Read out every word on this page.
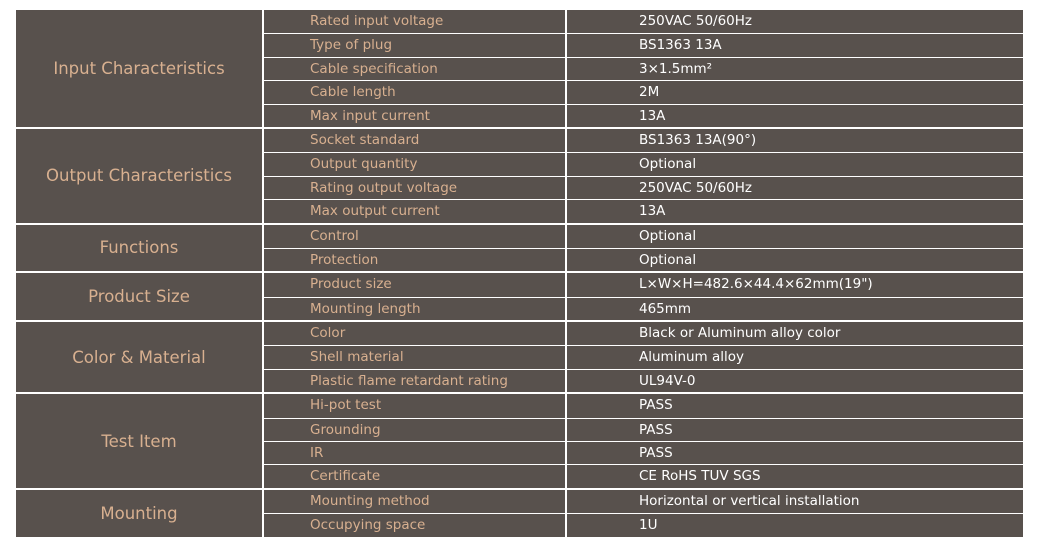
Input Characteristics
Rated input voltage	250VAC 50/60Hz
Type of plug	BS1363 13A
Cable specification	3×1.5mm²
Cable length	2M
Max input current	13A
Output Characteristics
Socket standard	BS1363 13A(90°)
Output quantity	Optional
Rating output voltage	250VAC 50/60Hz
Max output current	13A
Functions
Control	Optional
Protection	Optional
Product Size
Product size	L×W×H=482.6×44.4×62mm(19")
Mounting length	465mm
Color & Material
Color	Black or Aluminum alloy color
Shell material	Aluminum alloy
Plastic flame retardant rating	UL94V-0
Test Item
Hi-pot test	PASS
Grounding	PASS
IR	PASS
Certificate	CE RoHS TUV SGS
Mounting
Mounting method	Horizontal or vertical installation
Occupying space	1U
